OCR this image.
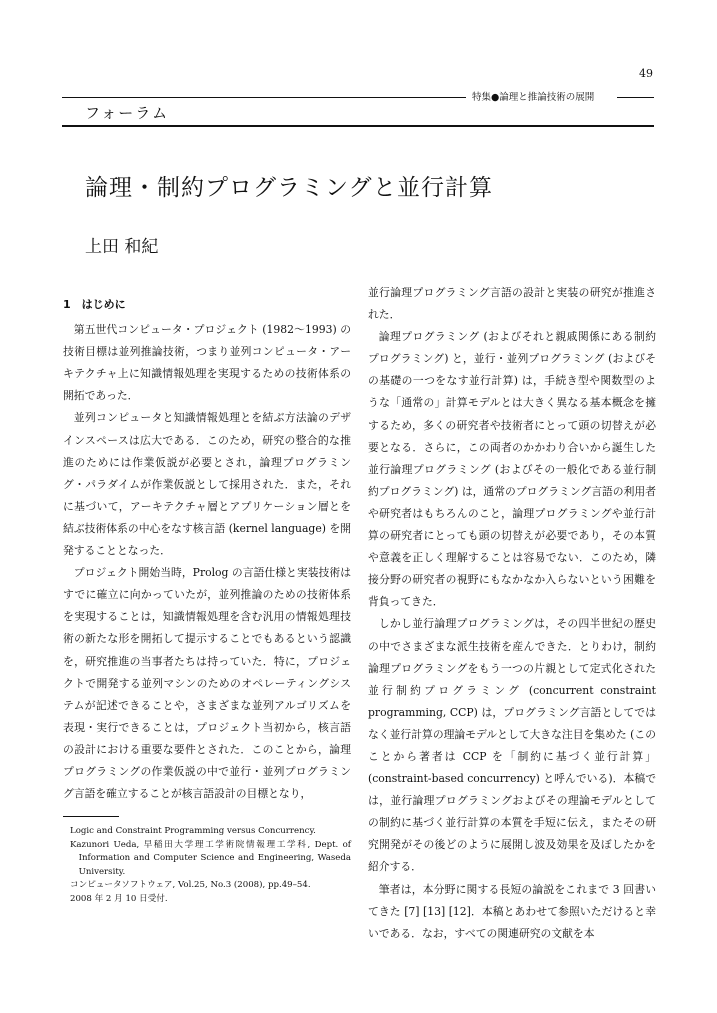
49
特集●論理と推論技術の展開
フォーラム
論理・制約プログラミングと並行計算
上田 和紀
1　はじめに

第五世代コンピュータ・プロジェクト (1982〜1993) の技術目標は並列推論技術，つまり並列コンピュータ・アーキテクチャ上に知識情報処理を実現するための技術体系の開拓であった．

並列コンピュータと知識情報処理とを結ぶ方法論のデザインスペースは広大である．このため，研究の整合的な推進のためには作業仮説が必要とされ，論理プログラミング・パラダイムが作業仮説として採用された．また，それに基づいて，アーキテクチャ層とアプリケーション層とを結ぶ技術体系の中心をなす核言語 (kernel language) を開発することとなった．

プロジェクト開始当時，Prolog の言語仕様と実装技術はすでに確立に向かっていたが，並列推論のための技術体系を実現することは，知識情報処理を含む汎用の情報処理技術の新たな形を開拓して提示することでもあるという認識を，研究推進の当事者たちは持っていた．特に，プロジェクトで開発する並列マシンのためのオペレーティングシステムが記述できることや，さまざまな並列アルゴリズムを表現・実行できることは，プロジェクト当初から，核言語の設計における重要な要件とされた．このことから，論理プログラミングの作業仮説の中で並行・並列プログラミング言語を確立することが核言語設計の目標となり，

Logic and Constraint Programming versus Concurrency.

Kazunori Ueda, 早稲田大学理工学術院情報理工学科, Dept. of Information and Computer Science and Engineering, Waseda University.

コンピュータソフトウェア, Vol.25, No.3 (2008), pp.49–54.

2008 年 2 月 10 日受付.

並行論理プログラミング言語の設計と実装の研究が推進された．

論理プログラミング (およびそれと親戚関係にある制約プログラミング) と，並行・並列プログラミング (およびその基礎の一つをなす並行計算) は，手続き型や関数型のような「通常の」計算モデルとは大きく異なる基本概念を擁するため，多くの研究者や技術者にとって頭の切替えが必要となる．さらに，この両者のかかわり合いから誕生した並行論理プログラミング (およびその一般化である並行制約プログラミング) は，通常のプログラミング言語の利用者や研究者はもちろんのこと，論理プログラミングや並行計算の研究者にとっても頭の切替えが必要であり，その本質や意義を正しく理解することは容易でない．このため，隣接分野の研究者の視野にもなかなか入らないという困難を背負ってきた．

しかし並行論理プログラミングは，その四半世紀の歴史の中でさまざまな派生技術を産んできた．とりわけ，制約論理プログラミングをもう一つの片親として定式化された並行制約プログラミング (concurrent constraint programming, CCP) は，プログラミング言語としてではなく並行計算の理論モデルとして大きな注目を集めた (このことから著者は CCP を「制約に基づく並行計算」(constraint-based concurrency) と呼んでいる)．本稿では，並行論理プログラミングおよびその理論モデルとしての制約に基づく並行計算の本質を手短に伝え，またその研究開発がその後どのように展開し波及効果を及ぼしたかを紹介する．

筆者は，本分野に関する長短の論説をこれまで 3 回書いてきた [7] [13] [12]．本稿とあわせて参照いただけると幸いである．なお，すべての関連研究の文献を本
